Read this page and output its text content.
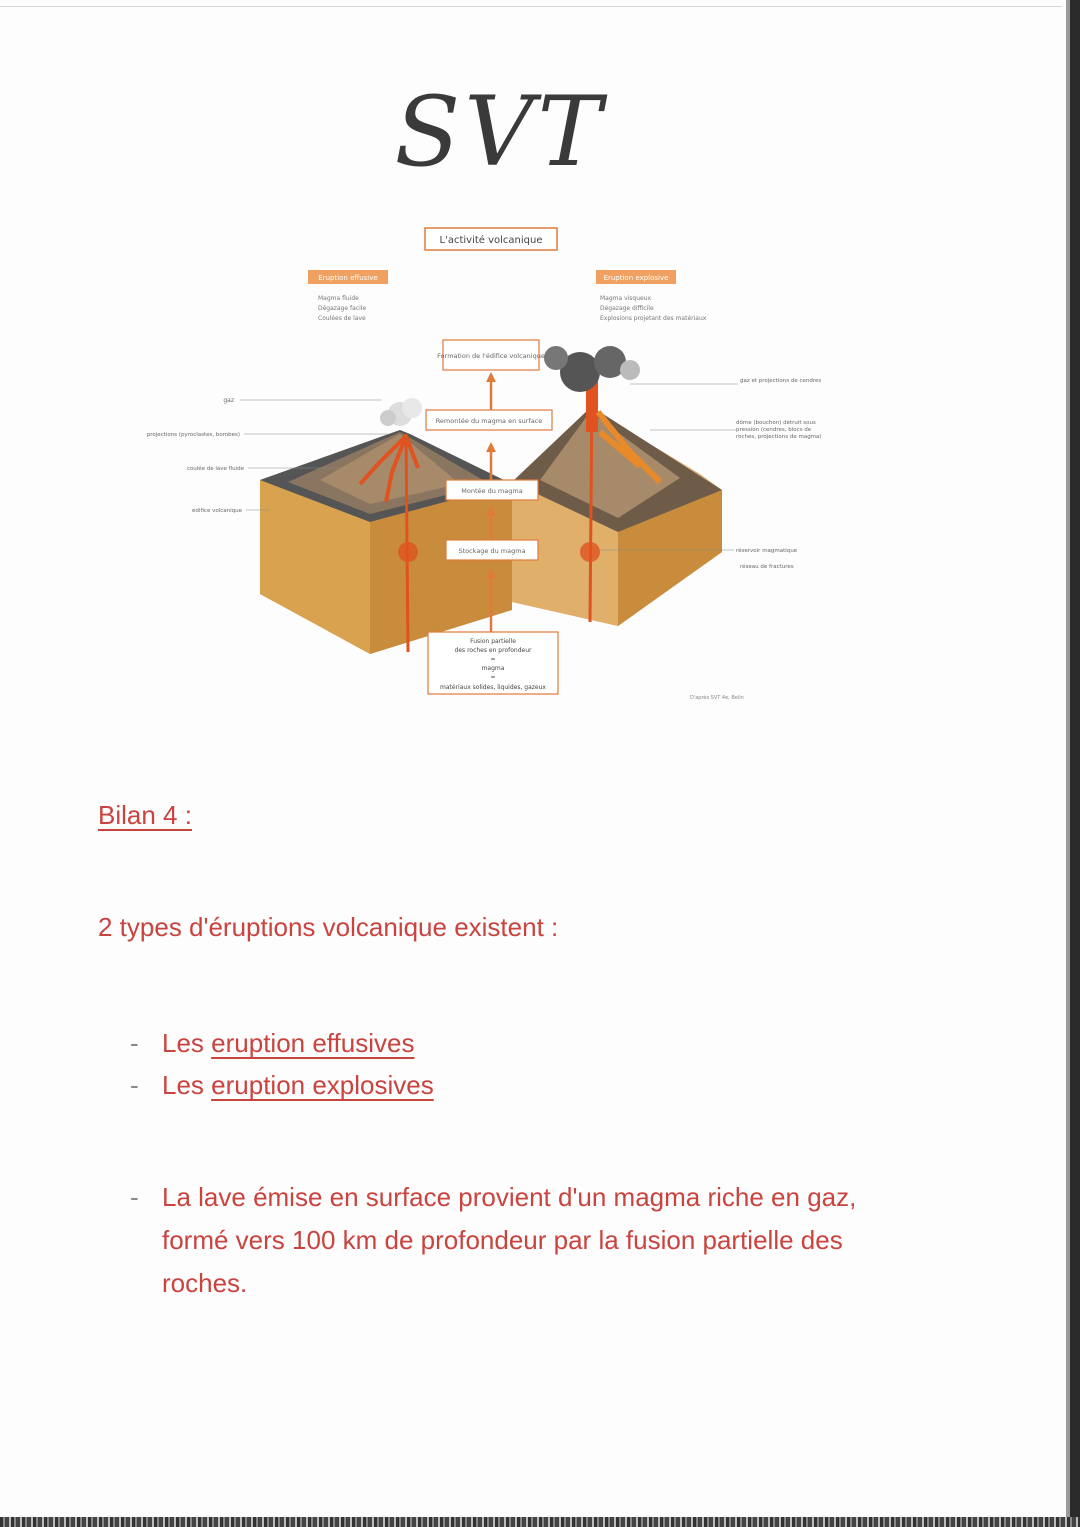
SVT
L'activité volcanique
Eruption effusive
Magma fluide
Dégazage facile
Coulées de lave
Eruption explosive
Magma visqueux
Dégazage difficile
Explosions projetant des matériaux
Formation de l'édifice volcanique
Remontée du magma en surface
Montée du magma
Stockage du magma
Fusion partielle
des roches en profondeur
=
magma
=
matériaux solides, liquides, gazeux
gaz
projections (pyroclastes, bombes)
coulée de lave fluide
édifice volcanique
gaz et projections de cendres
dôme (bouchon) détruit sous pression (cendres, blocs de roches, projections de magma)
réservoir magmatique
réseau de fractures
D'après SVT 4e, Belin
Bilan 4 :
2 types d'éruptions volcanique existent :
- Les eruption effusives
- Les eruption explosives
- La lave émise en surface provient d'un magma riche en gaz, formé vers 100 km de profondeur par la fusion partielle des roches.
